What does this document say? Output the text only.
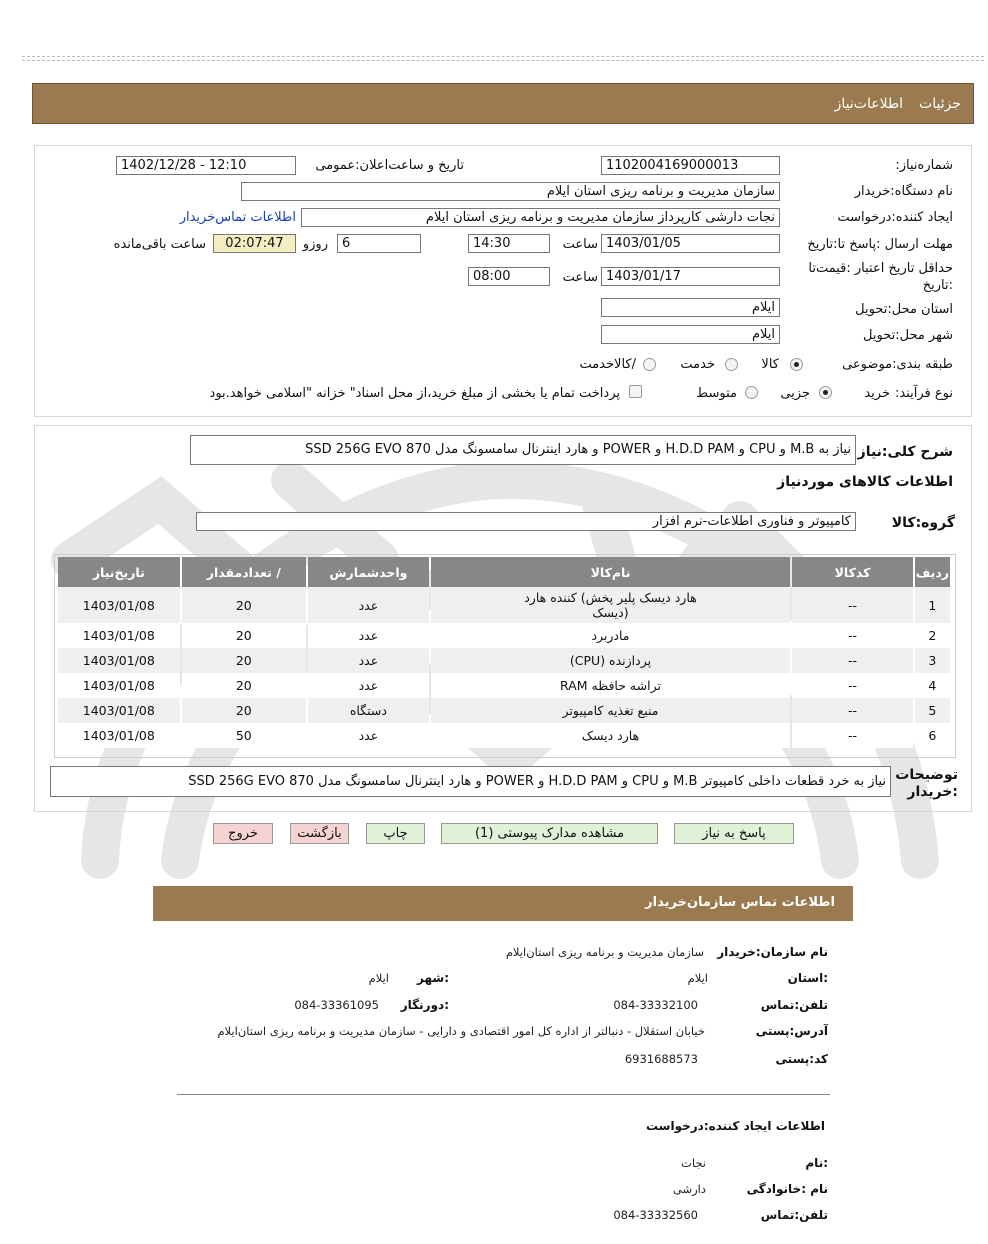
جزئیات
اطلاعات‌نیاز
شماره‌نیاز:
1102004169000013
تاریخ و ساعت‌اعلان:عمومی
1402/12/28 - 12:10
نام دستگاه:خریدار
سازمان مدیریت و برنامه ریزی استان ایلام
ایجاد کننده:درخواست
نجات دارشی کارپرداز سازمان مدیریت و برنامه ریزی استان ایلام
اطلاعات تماس‌خریدار
مهلت ارسال :پاسخ تا:تاریخ
1403/01/05
ساعت
14:30
6
روزو
02:07:47
ساعت باقی‌مانده
حداقل تاریخ اعتبار :قیمت‌تا
:تاریخ
1403/01/17
ساعت
08:00
استان محل:تحویل
ایلام
شهر محل:تحویل
ایلام
طبقه بندی:موضوعی
کالا
خدمت
/کالاخدمت
نوع فرآیند:
خرید
جزیی
متوسط
پرداخت تمام یا بخشی از مبلغ خرید،از محل اسناد" خزانه "اسلامی خواهد.بود
شرح کلی:نیاز
نیاز به M.B و CPU و H.D.D PAM و POWER و هارد اینترنال سامسونگ مدل SSD 256G EVO 870
اطلاعات کالاهای موردنیاز
گروه:کالا
کامپیوتر و فناوری اطلاعات-نرم افزار
ردیف	کدکالا	نام‌کالا	واحدشمارش	/ تعدادمقدار	تاریخ‌نیاز
1	--	هارد دیسک پلیر پخش) کننده هارد (دیسک	عدد	20	1403/01/08
2	--	مادربرد	عدد	20	1403/01/08
3	--	پردازنده (CPU)	عدد	20	1403/01/08
4	--	تراشه حافظه RAM	عدد	20	1403/01/08
5	--	منبع تغذیه کامپیوتر	دستگاه	20	1403/01/08
6	--	هارد دیسک	عدد	50	1403/01/08
توضیحات
:خریدار
نیاز به خرد قطعات داخلی کامپیوتر M.B و CPU و H.D.D PAM و POWER و هارد اینترنال سامسونگ مدل SSD 256G EVO 870
پاسخ به نیاز
مشاهده مدارک پیوستی (1)
چاپ
بازگشت
خروج
اطلاعات تماس سازمان‌خریدار
نام سازمان:خریدار
سازمان مدیریت و برنامه ریزی استان‌ایلام
:استان
ایلام
:شهر
ایلام
تلفن:تماس
084-33332100
:دورنگار
084-33361095
آدرس:پستی
خیابان استقلال - دنبالتر از اداره کل امور اقتصادی و دارایی - سازمان مدیریت و برنامه ریزی استان‌ایلام
کد:پستی
6931688573
اطلاعات ایجاد کننده:درخواست
:نام
نجات
نام :خانوادگی
دارشی
تلفن:تماس
084-33332560
